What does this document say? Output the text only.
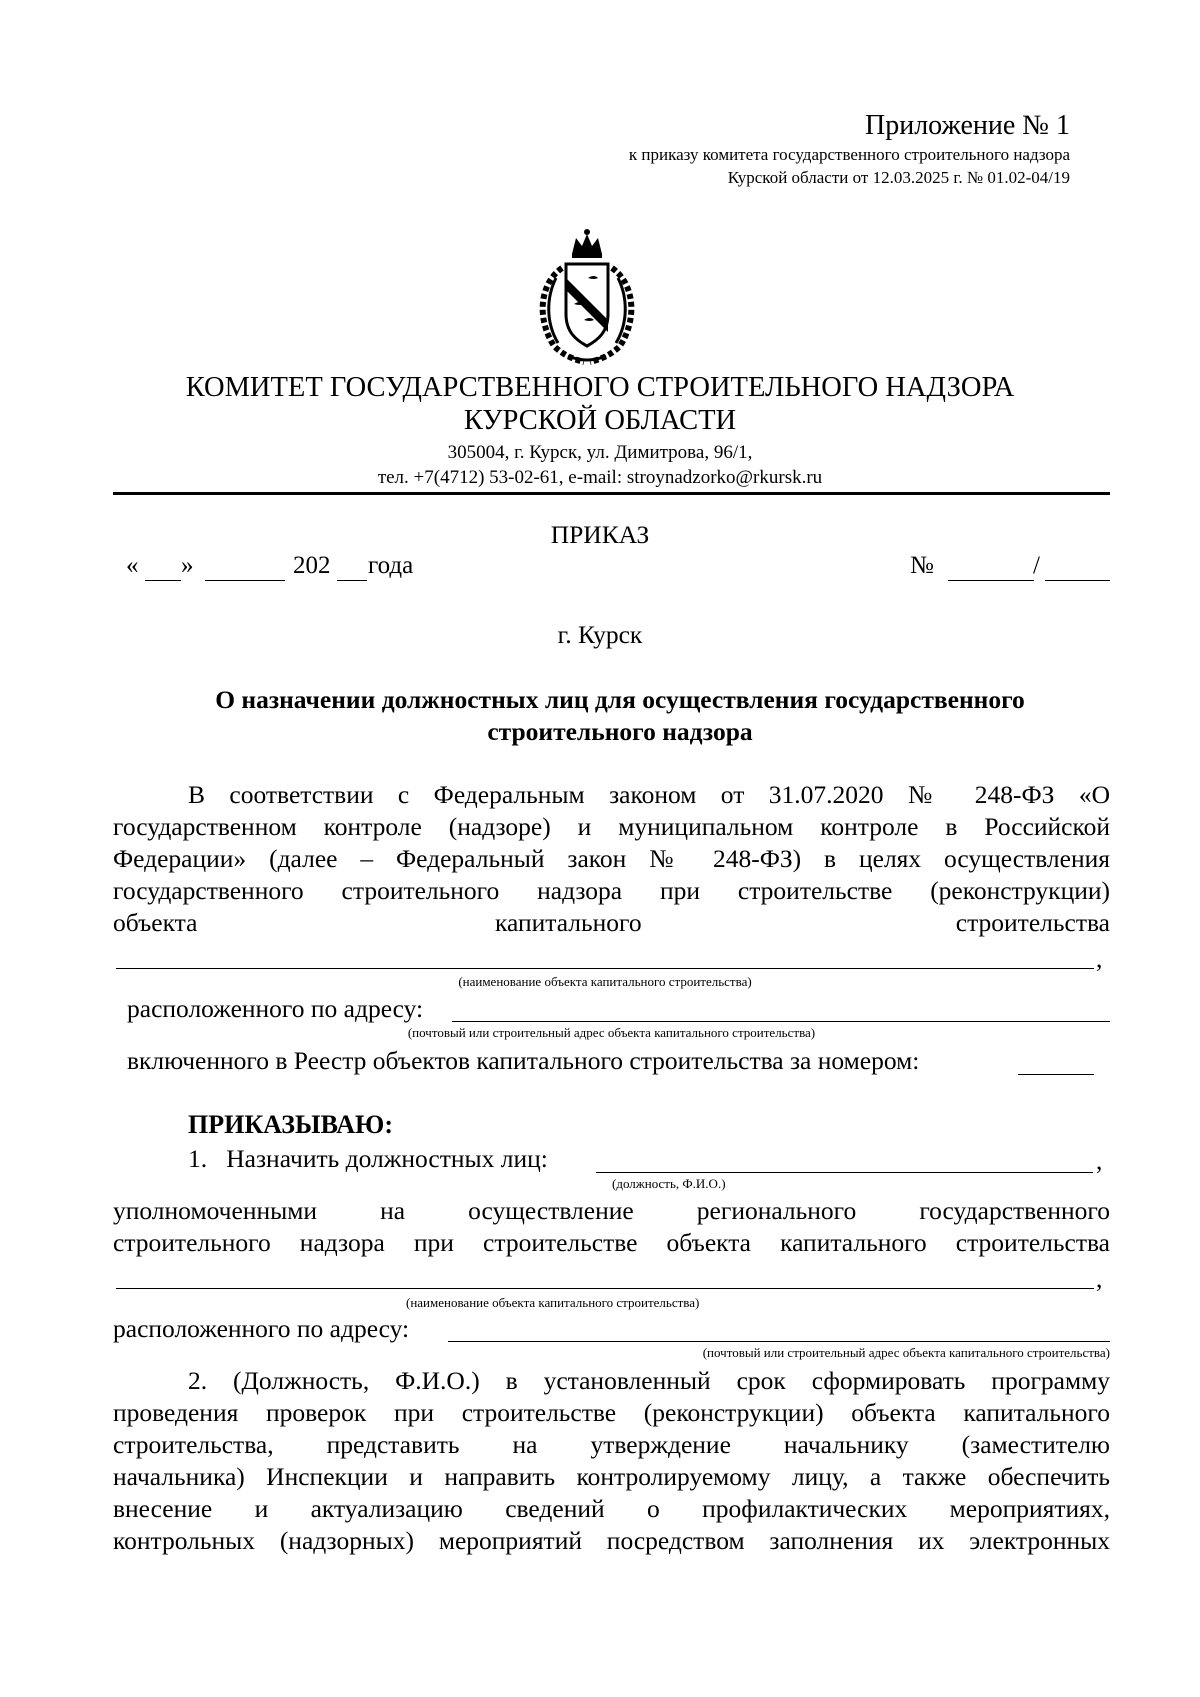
Приложение № 1
к приказу комитета государственного строительного надзора
Курской области от 12.03.2025 г. № 01.02-04/19
КОМИТЕТ ГОСУДАРСТВЕННОГО СТРОИТЕЛЬНОГО НАДЗОРА
КУРСКОЙ ОБЛАСТИ
305004, г. Курск, ул. Димитрова, 96/1,
тел. +7(4712) 53-02-61, e-mail: stroynadzorko@rkursk.ru
ПРИКАЗ
« »	202 года	№	/
г. Курск
О назначении должностных лиц для осуществления государственного
строительного надзора
В соответствии с Федеральным законом от 31.07.2020 № 248-ФЗ «О
государственном контроле (надзоре) и муниципальном контроле в Российской
Федерации» (далее – Федеральный закон № 248-ФЗ) в целях осуществления
государственного строительного надзора при строительстве (реконструкции)
объекта	капитального	строительства
,
(наименование объекта капитального строительства)
расположенного по адресу:
(почтовый или строительный адрес объекта капитального строительства)
включенного в Реестр объектов капитального строительства за номером:
ПРИКАЗЫВАЮ:
1.   Назначить должностных лиц:	,
(должность, Ф.И.О.)
уполномоченными на осуществление регионального государственного
строительного надзора при строительстве объекта капитального строительства
,
(наименование объекта капитального строительства)
расположенного по адресу:
(почтовый или строительный адрес объекта капитального строительства)
2. (Должность, Ф.И.О.) в установленный срок сформировать программу
проведения проверок при строительстве (реконструкции) объекта капитального
строительства, представить на утверждение начальнику (заместителю
начальника) Инспекции и направить контролируемому лицу, а также обеспечить
внесение и актуализацию сведений о профилактических мероприятиях,
контрольных (надзорных) мероприятий посредством заполнения их электронных
